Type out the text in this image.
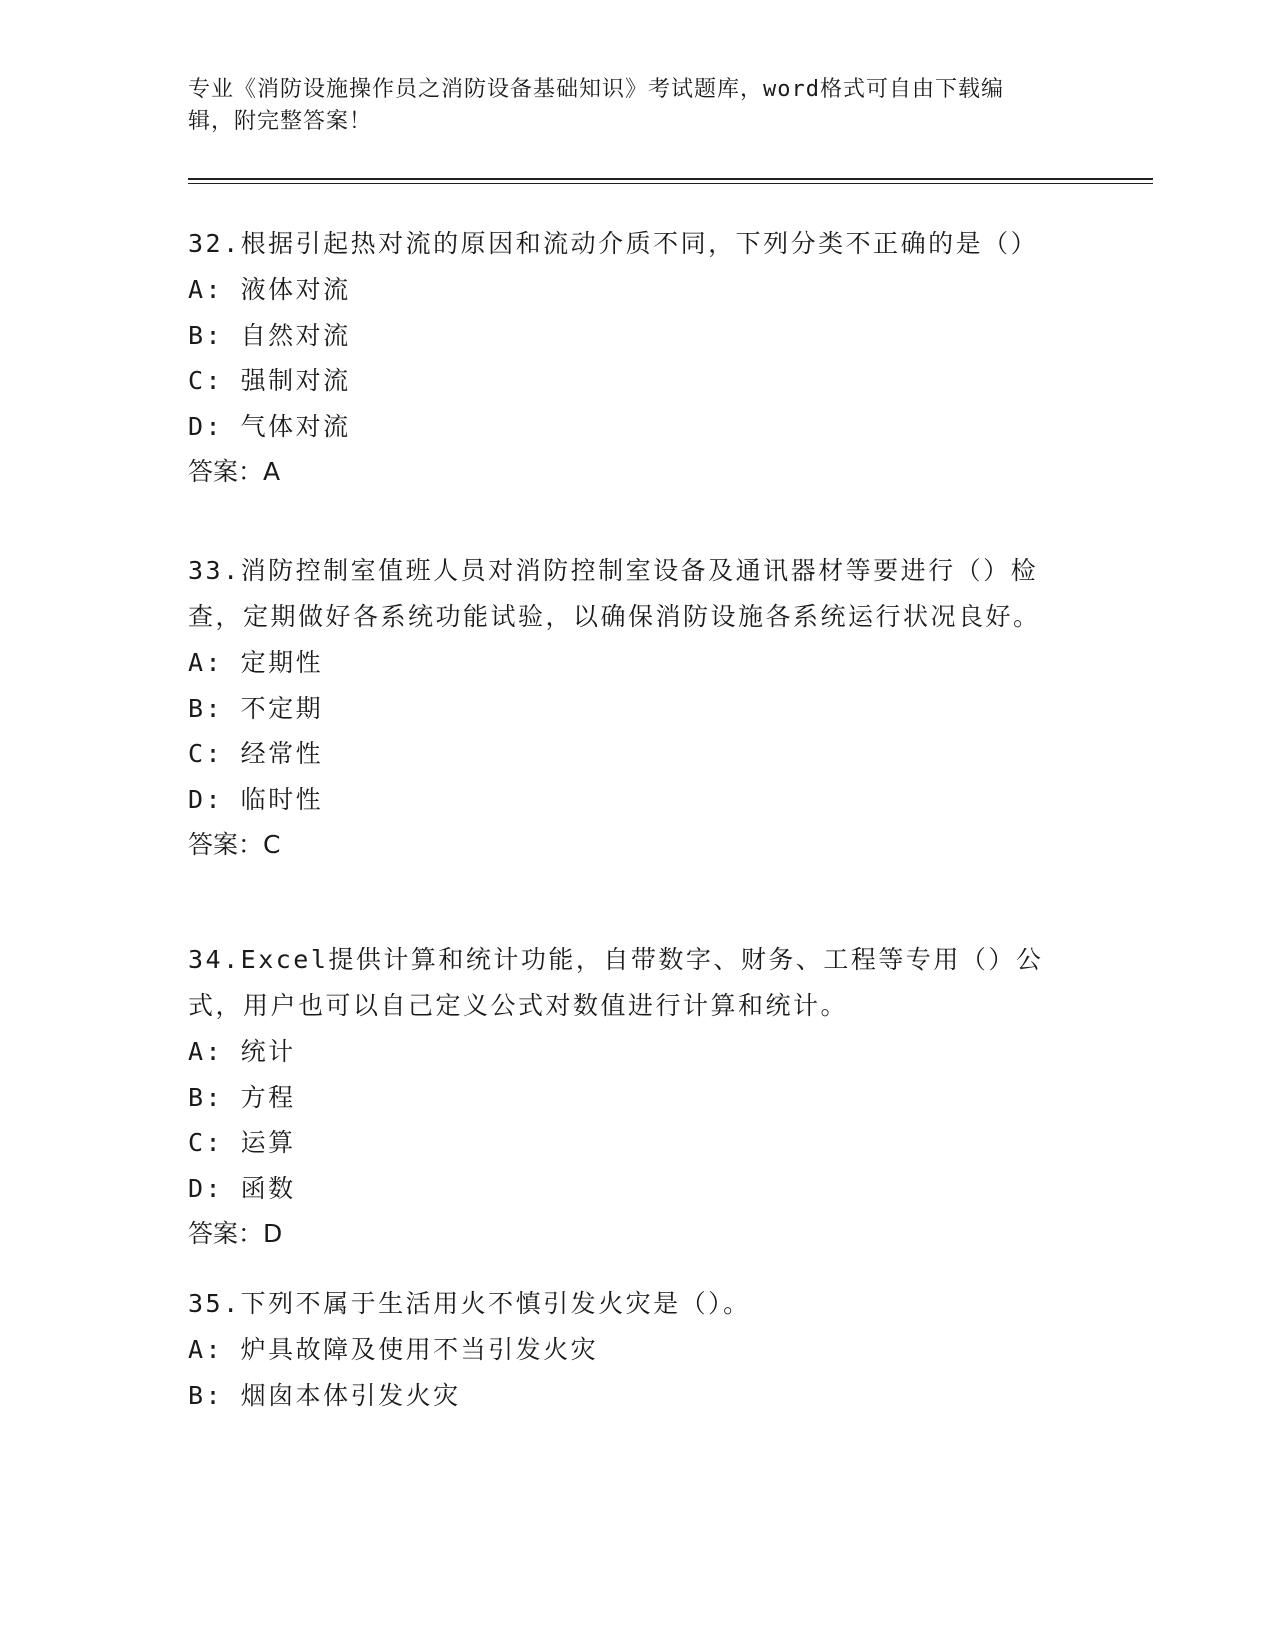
专业《消防设施操作员之消防设备基础知识》考试题库，word格式可自由下载编
辑，附完整答案！

32.根据引起热对流的原因和流动介质不同，下列分类不正确的是（）

A: 液体对流

B: 自然对流

C: 强制对流

D: 气体对流

答案：A

33.消防控制室值班人员对消防控制室设备及通讯器材等要进行（）检查，定期做好各系统功能试验，以确保消防设施各系统运行状况良好。

A: 定期性

B: 不定期

C: 经常性

D: 临时性

答案：C

34.Excel提供计算和统计功能，自带数字、财务、工程等专用（）公式，用户也可以自己定义公式对数值进行计算和统计。

A: 统计

B: 方程

C: 运算

D: 函数

答案：D

35.下列不属于生活用火不慎引发火灾是（）。

A: 炉具故障及使用不当引发火灾

B: 烟囱本体引发火灾
